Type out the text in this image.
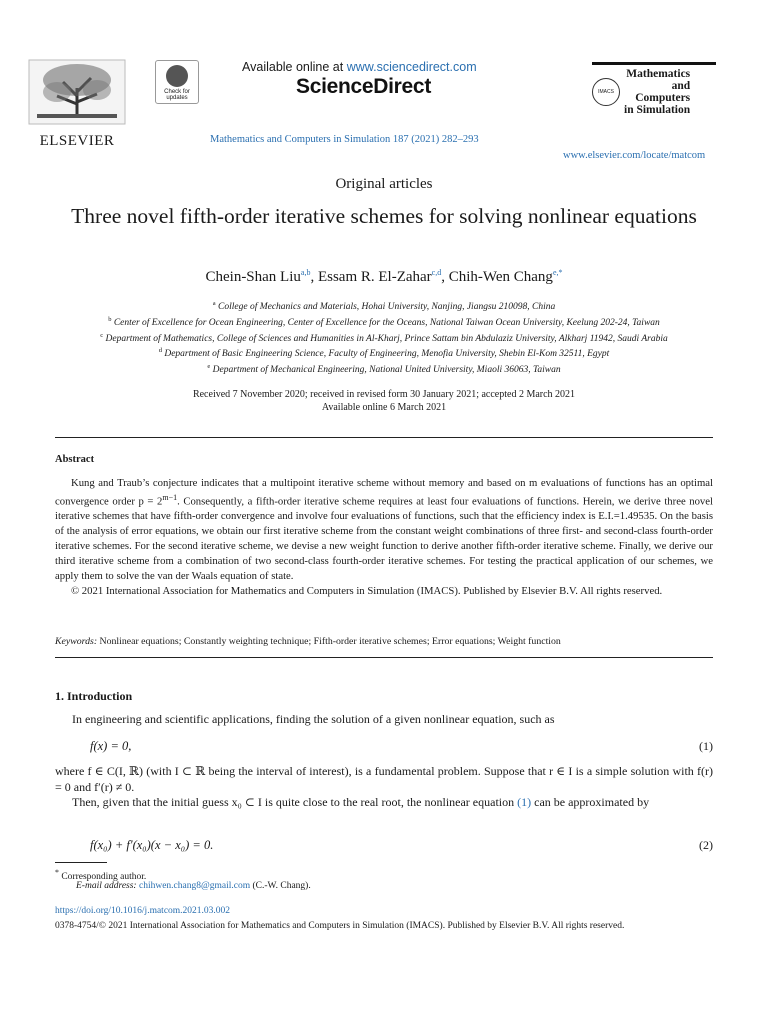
ELSEVIER
Check for
updates
Available online at www.sciencedirect.com
ScienceDirect
Mathematics and Computers in Simulation 187 (2021) 282–293
IMACS
Mathematics
and
Computers
in Simulation
www.elsevier.com/locate/matcom
Original articles
Three novel fifth-order iterative schemes for solving nonlinear equations
Chein-Shan Liu$^{a,b}$, Essam R. El-Zahar$^{c,d}$, Chih-Wen Chang$^{e,*}$
$^a$ College of Mechanics and Materials, Hohai University, Nanjing, Jiangsu 210098, China
$^b$ Center of Excellence for Ocean Engineering, Center of Excellence for the Oceans, National Taiwan Ocean University, Keelung 202-24, Taiwan
$^c$ Department of Mathematics, College of Sciences and Humanities in Al-Kharj, Prince Sattam bin Abdulaziz University, Alkharj 11942, Saudi Arabia
$^d$ Department of Basic Engineering Science, Faculty of Engineering, Menofia University, Shebin El-Kom 32511, Egypt
$^e$ Department of Mechanical Engineering, National United University, Miaoli 36063, Taiwan
Received 7 November 2020; received in revised form 30 January 2021; accepted 2 March 2021
Available online 6 March 2021
Abstract

Kung and Traub’s conjecture indicates that a multipoint iterative scheme without memory and based on m evaluations of functions has an optimal convergence order $p = 2^{m-1}$. Consequently, a fifth-order iterative scheme requires at least four evaluations of functions. Herein, we derive three novel iterative schemes that have fifth-order convergence and involve four evaluations of functions, such that the efficiency index is E.I.=1.49535. On the basis of the analysis of error equations, we obtain our first iterative scheme from the constant weight combinations of three first- and second-class fourth-order iterative schemes. For the second iterative scheme, we devise a new weight function to derive another fifth-order iterative scheme. Finally, we derive our third iterative scheme from a combination of two second-class fourth-order iterative schemes. For testing the practical application of our schemes, we apply them to solve the van der Waals equation of state.

© 2021 International Association for Mathematics and Computers in Simulation (IMACS). Published by Elsevier B.V. All rights reserved.

Keywords: Nonlinear equations; Constantly weighting technique; Fifth-order iterative schemes; Error equations; Weight function
1. Introduction
In engineering and scientific applications, finding the solution of a given nonlinear equation, such as
f(x) = 0,	(1)
where f ∈ C(I, ℝ) (with I ⊂ ℝ being the interval of interest), is a fundamental problem. Suppose that r ∈ I is a simple solution with f(r) = 0 and f′(r) ≠ 0.
Then, given that the initial guess x₀ ⊂ I is quite close to the real root, the nonlinear equation (1) can be approximated by
f(x₀) + f′(x₀)(x − x₀) = 0.	(2)
* Corresponding author.
E-mail address: chihwen.chang8@gmail.com (C.-W. Chang).
https://doi.org/10.1016/j.matcom.2021.03.002
0378-4754/© 2021 International Association for Mathematics and Computers in Simulation (IMACS). Published by Elsevier B.V. All rights reserved.
